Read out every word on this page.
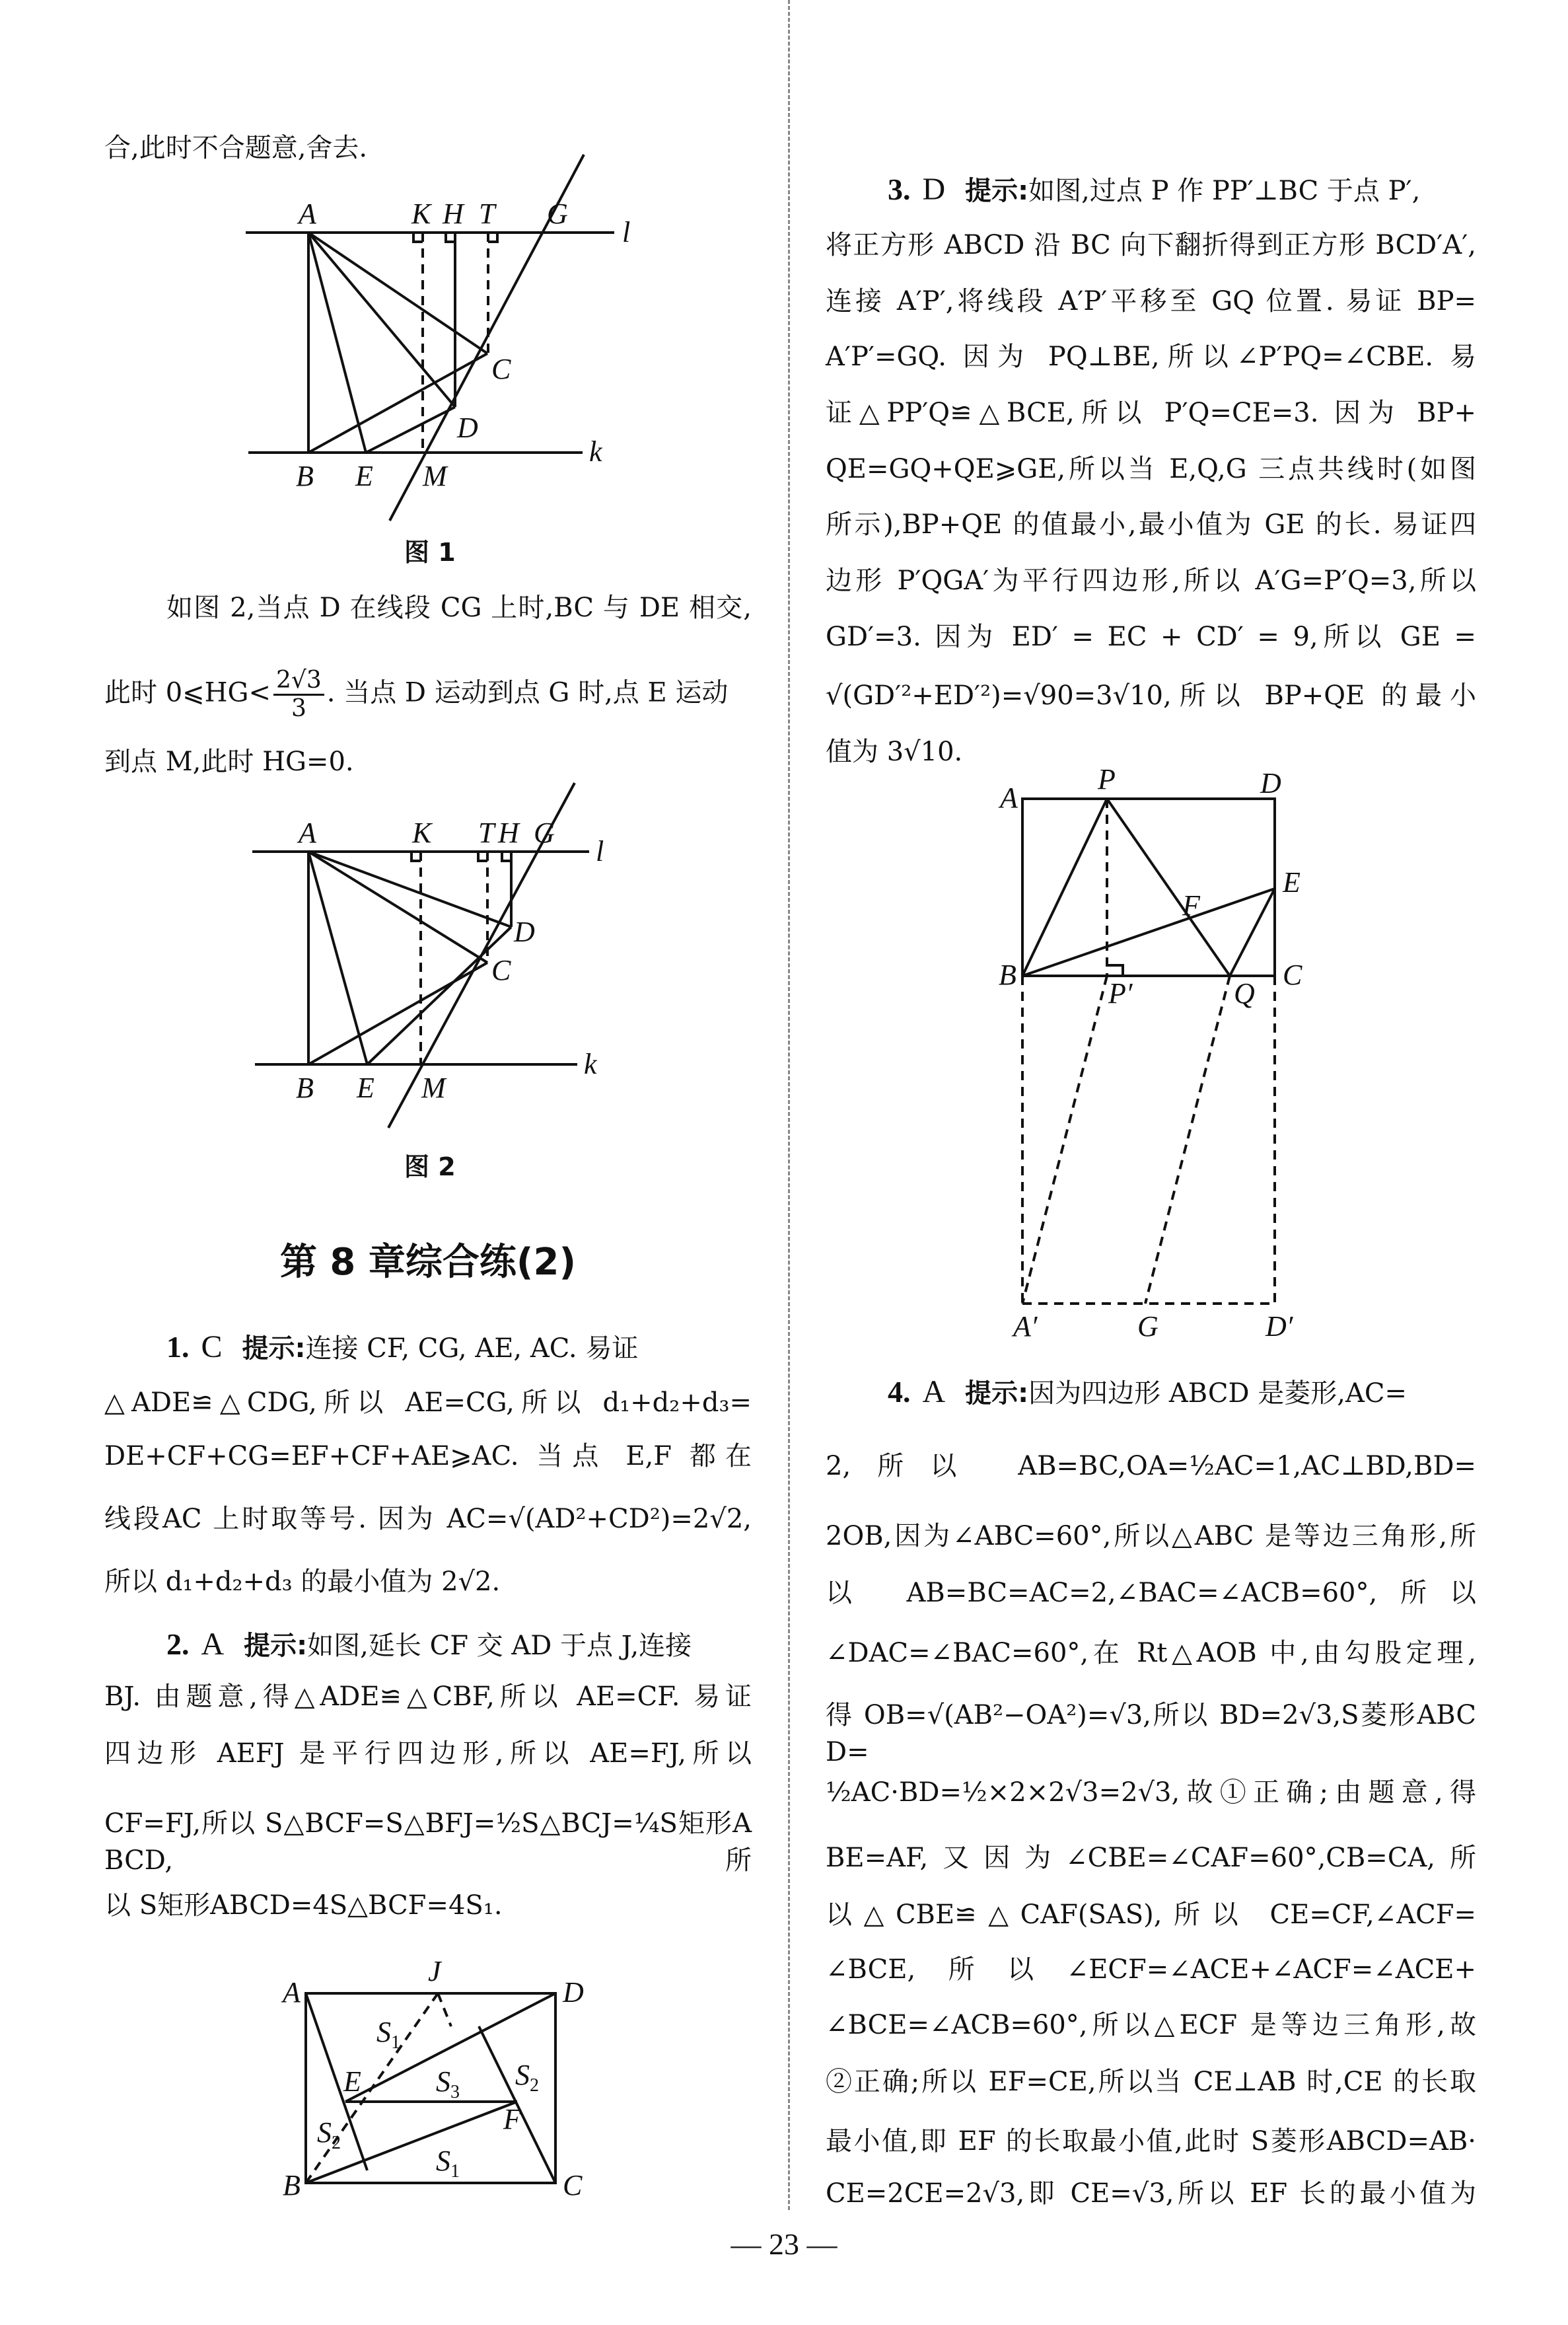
合,此时不合题意,舍去.
A	K H T G
l
C
D
B E M
k
图 1
如图 2,当点 D 在线段 CG 上时,BC 与 DE 相交,
此时 0⩽HG< $\frac{2√3}{3}$ . 当点 D 运动到点 G 时,点 E 运动
到点 M,此时 HG=0.
A	K T H G
l
D
C
B E M
k
图 2
第 8 章综合练(2)
1. C 提示:连接 CF, CG, AE, AC. 易证
△ADE≌△CDG,所以 AE=CG,所以 d₁+d₂+d₃=
DE+CF+CG=EF+CF+AE⩾AC. 当点 E,F 都在
线段AC 上时取等号. 因为 AC=√(AD²+CD²)=2√2,
所以 d₁+d₂+d₃ 的最小值为 2√2.
2. A 提示:如图,延长 CF 交 AD 于点 J,连接
BJ. 由题意,得△ADE≌△CBF,所以 AE=CF. 易证
四边形 AEFJ 是平行四边形,所以 AE=FJ,所以
CF=FJ,所以 S△BCF=S△BFJ=½S△BCJ=¼S矩形ABCD,所
以 S矩形ABCD=4S△BCF=4S₁.
A
J
D
$S_1$
E	$S_3$
$S_2$
F
$S_2$
$S_1$
B	C
3. D 提示:如图,过点 P 作 PP′⊥BC 于点 P′,
将正方形 ABCD 沿 BC 向下翻折得到正方形 BCD′A′,
连接 A′P′,将线段 A′P′平移至 GQ 位置. 易证 BP=
A′P′=GQ. 因为 PQ⊥BE,所以∠P′PQ=∠CBE. 易
证△PP′Q≌△BCE,所以 P′Q=CE=3. 因为 BP+
QE=GQ+QE⩾GE,所以当 E,Q,G 三点共线时(如图
所示),BP+QE 的值最小,最小值为 GE 的长. 易证四
边形 P′QGA′为平行四边形,所以 A′G=P′Q=3,所以
GD′=3. 因为 ED′ = EC + CD′ = 9,所以 GE =
√(GD′²+ED′²)=√90=3√10,所以 BP+QE 的最小
值为 3√10.
A
P	D
E
F
B
P′	Q
C
A′	G	D′
4. A 提示:因为四边形 ABCD 是菱形,AC=
2,所以 AB=BC,OA=½AC=1,AC⊥BD,BD=
2OB,因为∠ABC=60°,所以△ABC 是等边三角形,所
以 AB=BC=AC=2,∠BAC=∠ACB=60°,所以
∠DAC=∠BAC=60°,在 Rt△AOB 中,由勾股定理,
得 OB=√(AB²−OA²)=√3,所以 BD=2√3,S菱形ABCD=
½AC·BD=½×2×2√3=2√3,故①正确;由题意,得
BE=AF,又因为∠CBE=∠CAF=60°,CB=CA,所
以△CBE≌△CAF(SAS),所以 CE=CF,∠ACF=
∠BCE,所以∠ECF=∠ACE+∠ACF=∠ACE+
∠BCE=∠ACB=60°,所以△ECF 是等边三角形,故
②正确;所以 EF=CE,所以当 CE⊥AB 时,CE 的长取
最小值,即 EF 的长取最小值,此时 S菱形ABCD=AB·
CE=2CE=2√3,即 CE=√3,所以 EF 长的最小值为
— 23 —
